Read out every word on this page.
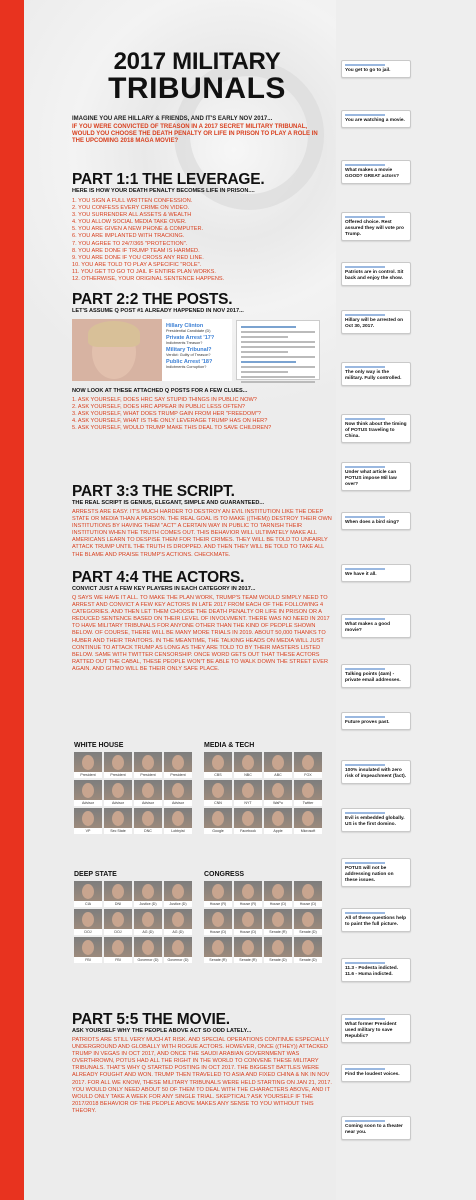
2017 MILITARY
TRIBUNALS
IMAGINE YOU ARE HILLARY & FRIENDS, AND IT'S EARLY NOV 2017...
IF YOU WERE CONVICTED OF TREASON IN A 2017 SECRET MILITARY TRIBUNAL, WOULD YOU CHOOSE THE DEATH PENALTY OR LIFE IN PRISON TO PLAY A ROLE IN THE UPCOMING 2018 MAGA MOVIE?
PART 1:1 THE LEVERAGE.
HERE IS HOW YOUR DEATH PENALTY BECOMES LIFE IN PRISON....
1. YOU SIGN A FULL WRITTEN CONFESSION.
2. YOU CONFESS EVERY CRIME ON VIDEO.
3. YOU SURRENDER ALL ASSETS & WEALTH
4. YOU ALLOW SOCIAL MEDIA TAKE OVER.
5. YOU ARE GIVEN A NEW PHONE & COMPUTER.
6. YOU ARE IMPLANTED WITH TRACKING.
7. YOU AGREE TO 24/7/365 "PROTECTION".
8. YOU ARE DONE IF TRUMP TEAM IS HARMED.
9. YOU ARE DONE IF YOU CROSS ANY RED LINE.
10. YOU ARE TOLD TO PLAY A SPECIFIC "ROLE".
11. YOU GET TO GO TO JAIL IF ENTIRE PLAN WORKS.
12. OTHERWISE, YOUR ORIGINAL SENTENCE HAPPENS.
PART 2:2 THE POSTS.
LET'S ASSUME Q POST #1 ALREADY HAPPENED IN NOV 2017...
Hillary Clinton
Presidential Candidate (D)
Private Arrest '17?
Indictments Treason?
Military Tribunal?
Verdict: Guilty of Treason?
Public Arrest '18?
Indictments Corruption?
NOW LOOK AT THESE ATTACHED Q POSTS FOR A FEW CLUES...
1. ASK YOURSELF, DOES HRC SAY STUPID THINGS IN PUBLIC NOW?
2. ASK YOURSELF, DOES HRC APPEAR IN PUBLIC LESS OFTEN?
3. ASK YOURSELF, WHAT DOES TRUMP GAIN FROM HER "FREEDOM"?
4. ASK YOURSELF, WHAT IS THE ONLY LEVERAGE TRUMP HAS ON HER?
5. ASK YOURSELF, WOULD TRUMP MAKE THIS DEAL TO SAVE CHILDREN?
PART 3:3 THE SCRIPT.
THE REAL SCRIPT IS GENIUS, ELEGANT, SIMPLE AND GUARANTEED...
ARRESTS ARE EASY. IT'S MUCH HARDER TO DESTROY AN EVIL INSTITUTION LIKE THE DEEP STATE OR MEDIA THAN A PERSON. THE REAL GOAL IS TO MAKE ((THEM)) DESTROY THEIR OWN INSTITUTIONS BY HAVING THEM "ACT" A CERTAIN WAY IN PUBLIC TO TARNISH THEIR INSTITUTION WHEN THE TRUTH COMES OUT. THIS BEHAVIOR WILL ULTIMATELY MAKE ALL AMERICANS LEARN TO DESPISE THEM FOR THEIR CRIMES. THEY WILL BE TOLD TO UNFAIRLY ATTACK TRUMP UNTIL THE TRUTH IS DROPPED. AND THEN THEY WILL BE TOLD TO TAKE ALL THE BLAME AND PRAISE TRUMP'S ACTIONS. CHECKMATE.
PART 4:4 THE ACTORS.
CONVICT JUST A FEW KEY PLAYERS IN EACH CATEGORY IN 2017...
Q SAYS WE HAVE IT ALL. TO MAKE THE PLAN WORK, TRUMP'S TEAM WOULD SIMPLY NEED TO ARREST AND CONVICT A FEW KEY ACTORS IN LATE 2017 FROM EACH OF THE FOLLOWING 4 CATEGORIES. AND THEN LET THEM CHOOSE THE DEATH PENALTY OR LIFE IN PRISON OR A REDUCED SENTENCE BASED ON THEIR LEVEL OF INVOLVMENT. THERE WAS NO NEED IN 2017 TO HAVE MILITARY TRIBUNALS FOR ANYONE OTHER THAN THE KIND OF PEOPLE SHOWN BELOW. OF COURSE, THERE WILL BE MANY MORE TRIALS IN 2019. ABOUT 50,000 THANKS TO HUBER AND THEIR TRAITORS. IN THE MEANTIME, THE TALKING HEADS ON MEDIA WILL JUST CONTINUE TO ATTACK TRUMP AS LONG AS THEY ARE TOLD TO BY THEIR MASTERS LISTED BELOW. SAME WITH TWITTER CENSORSHIP. ONCE WORD GETS OUT THAT THESE ACTORS RATTED OUT THE CABAL, THESE PEOPLE WON'T BE ABLE TO WALK DOWN THE STREET EVER AGAIN. AND GITMO WILL BE THEIR ONLY SAFE PLACE.
WHITE HOUSE
President	President	President	President
Advisor	Advisor	Advisor	Advisor
VP	Sec State	DNC	Lobbyist
MEDIA & TECH
CBS	NBC	ABC	FOX
CNN	NYT	WaPo	Twitter
Google	Facebook	Apple	Microsoft
DEEP STATE
CIA	DNI	Justice (D)	Justice (D)
DOJ	DOJ	AG (D)	AG (D)
FBI	FBI	Governor (D)	Governor (D)
CONGRESS
House (R)	House (R)	House (D)	House (D)
House (D)	House (D)	Senate (R)	Senate (D)
Senate (R)	Senate (R)	Senate (D)	Senate (D)
PART 5:5 THE MOVIE.
ASK YOURSELF WHY THE PEOPLE ABOVE ACT SO ODD LATELY...
PATRIOTS ARE STILL VERY MUCH AT RISK. AND SPECIAL OPERATIONS CONTINUE ESPECIALLY UNDERGROUND AND GLOBALLY WITH ROGUE ACTORS. HOWEVER, ONCE ((THEY)) ATTACKED TRUMP IN VEGAS IN OCT 2017, AND ONCE THE SAUDI ARABIAN GOVERNMENT WAS OVERTHROWN, POTUS HAD ALL THE RIGHT IN THE WORLD TO CONVENE THESE MILITARY TRIBUNALS. THAT'S WHY Q STARTED POSTING IN OCT 2017. THE BIGGEST BATTLES WERE ALREADY FOUGHT AND WON. TRUMP THEN TRAVELED TO ASIA AND FIXED CHINA & NK IN NOV 2017. FOR ALL WE KNOW, THESE MILITARY TRIBUNALS WERE HELD STARTING ON JAN 21, 2017. YOU WOULD ONLY NEED ABOUT 50 OF THEM TO DEAL WITH THE CHARACTERS ABOVE, AND IT WOULD ONLY TAKE A WEEK FOR ANY SINGLE TRIAL. SKEPTICAL? ASK YOURSELF IF THE 2017/2018 BEHAVIOR OF THE PEOPLE ABOVE MAKES ANY SENSE TO YOU WITHOUT THIS THEORY.
You get to go to jail.
You are watching a movie.
What makes a movie GOOD? GREAT actors?
Offered choice. Rest assured they will vote pro Trump.
Patriots are in control. Sit back and enjoy the show.
Hillary will be arrested on Oct 30, 2017.
The only way is the military. Fully controlled.
Now think about the timing of POTUS traveling to China.
Under what article can POTUS impose Mil law over?
When does a bird sing?
We have it all.
What makes a good movie?
Talking points (4am) - private email addresses.
Future proves past.
100% insulated with zero risk of impeachment (fact).
Evil is embedded globally. US is the first domino.
POTUS will not be addressing nation on these issues.
All of these questions help to paint the full picture.
11.3 - Podesta indicted. 11.6 - Huma indicted.
What former President used military to save Republic?
Find the loudest voices.
Coming soon to a theater near you.
